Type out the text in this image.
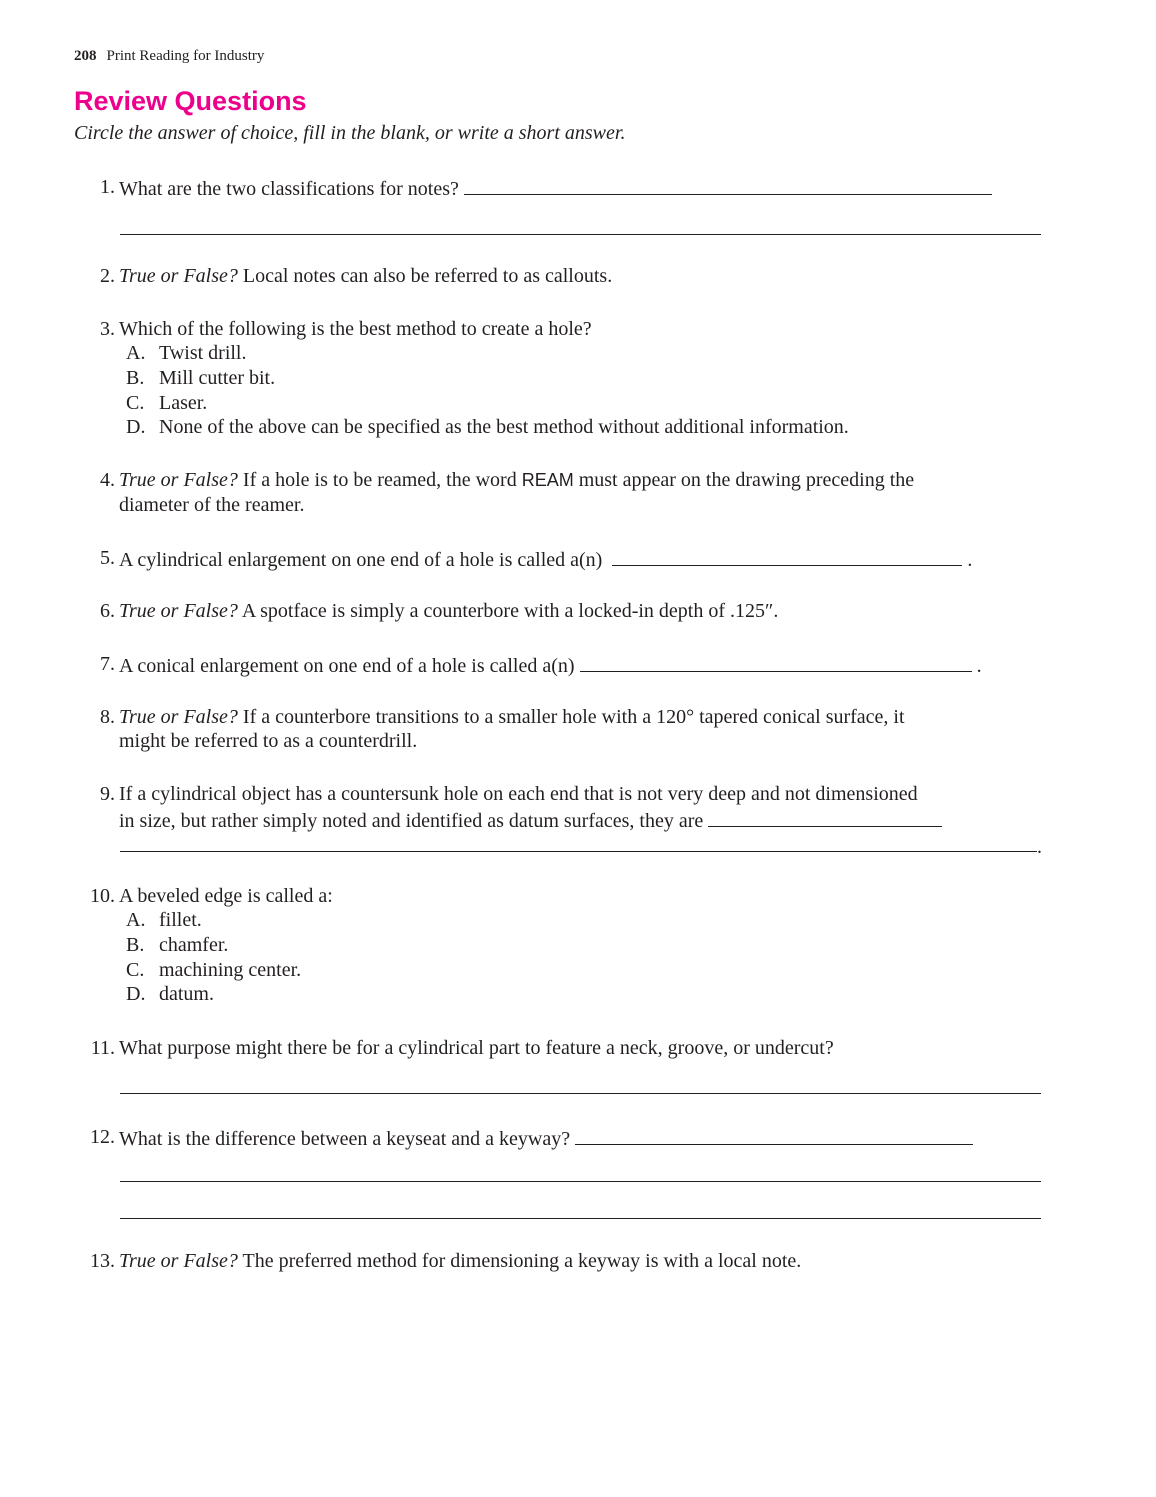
208 Print Reading for Industry
Review Questions
Circle the answer of choice, fill in the blank, or write a short answer.
1. What are the two classifications for notes?
2. True or False? Local notes can also be referred to as callouts.
3. Which of the following is the best method to create a hole?
A. Twist drill.
B. Mill cutter bit.
C. Laser.
D. None of the above can be specified as the best method without additional information.
4. True or False? If a hole is to be reamed, the word REAM must appear on the drawing preceding the
diameter of the reamer.
5. A cylindrical enlargement on one end of a hole is called a(n)	.
6. True or False? A spotface is simply a counterbore with a locked-in depth of .125″.
7. A conical enlargement on one end of a hole is called a(n)	.
8. True or False? If a counterbore transitions to a smaller hole with a 120° tapered conical surface, it
might be referred to as a counterdrill.
9. If a cylindrical object has a countersunk hole on each end that is not very deep and not dimensioned
in size, but rather simply noted and identified as datum surfaces, they are
.
10. A beveled edge is called a:
A. fillet.
B. chamfer.
C. machining center.
D. datum.
11. What purpose might there be for a cylindrical part to feature a neck, groove, or undercut?
12. What is the difference between a keyseat and a keyway?
13. True or False? The preferred method for dimensioning a keyway is with a local note.
